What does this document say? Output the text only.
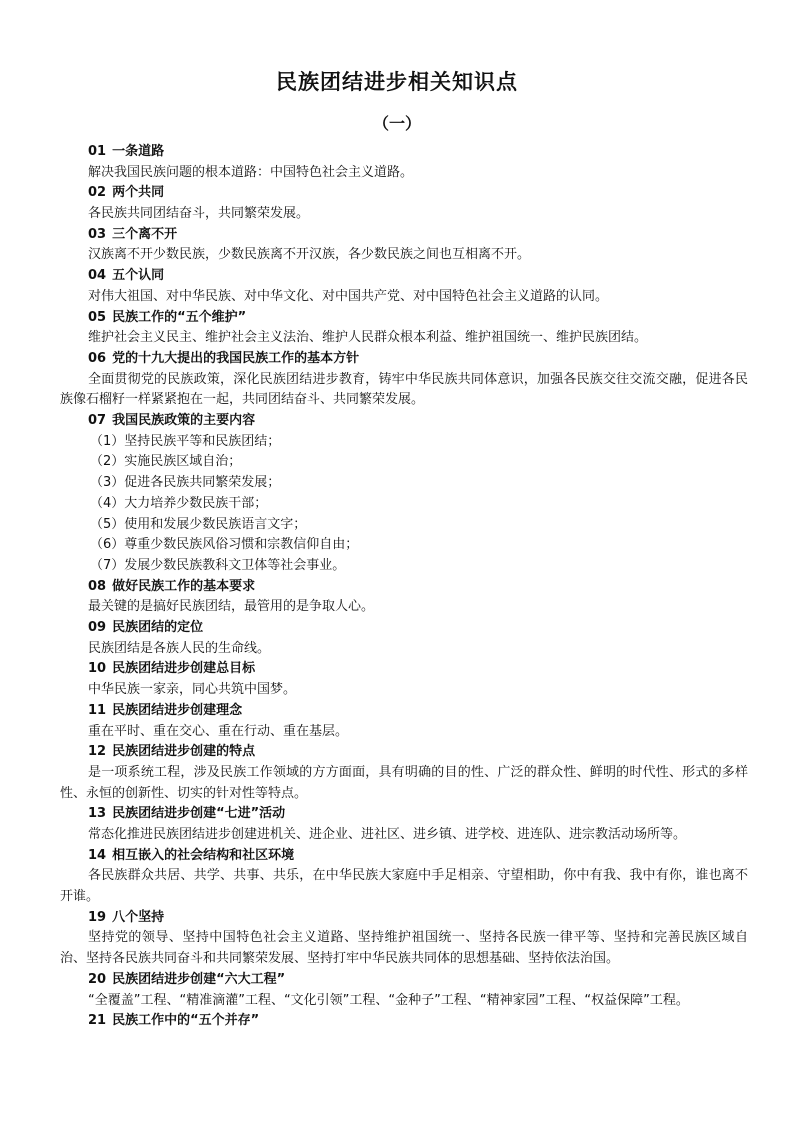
民族团结进步相关知识点
（一）
01 一条道路
解决我国民族问题的根本道路：中国特色社会主义道路。
02 两个共同
各民族共同团结奋斗，共同繁荣发展。
03 三个离不开
汉族离不开少数民族，少数民族离不开汉族，各少数民族之间也互相离不开。
04 五个认同
对伟大祖国、对中华民族、对中华文化、对中国共产党、对中国特色社会主义道路的认同。
05 民族工作的“五个维护”
维护社会主义民主、维护社会主义法治、维护人民群众根本利益、维护祖国统一、维护民族团结。
06 党的十九大提出的我国民族工作的基本方针
全面贯彻党的民族政策，深化民族团结进步教育，铸牢中华民族共同体意识，加强各民族交往交流交融，促进各民族像石榴籽一样紧紧抱在一起，共同团结奋斗、共同繁荣发展。
07 我国民族政策的主要内容
（1）坚持民族平等和民族团结；
（2）实施民族区域自治；
（3）促进各民族共同繁荣发展；
（4）大力培养少数民族干部；
（5）使用和发展少数民族语言文字；
（6）尊重少数民族风俗习惯和宗教信仰自由；
（7）发展少数民族教科文卫体等社会事业。
08 做好民族工作的基本要求
最关键的是搞好民族团结，最管用的是争取人心。
09 民族团结的定位
民族团结是各族人民的生命线。
10 民族团结进步创建总目标
中华民族一家亲，同心共筑中国梦。
11 民族团结进步创建理念
重在平时、重在交心、重在行动、重在基层。
12 民族团结进步创建的特点
是一项系统工程，涉及民族工作领域的方方面面，具有明确的目的性、广泛的群众性、鲜明的时代性、形式的多样性、永恒的创新性、切实的针对性等特点。
13 民族团结进步创建“七进”活动
常态化推进民族团结进步创建进机关、进企业、进社区、进乡镇、进学校、进连队、进宗教活动场所等。
14 相互嵌入的社会结构和社区环境
各民族群众共居、共学、共事、共乐，在中华民族大家庭中手足相亲、守望相助，你中有我、我中有你，谁也离不开谁。
19 八个坚持
坚持党的领导、坚持中国特色社会主义道路、坚持维护祖国统一、坚持各民族一律平等、坚持和完善民族区域自治、坚持各民族共同奋斗和共同繁荣发展、坚持打牢中华民族共同体的思想基础、坚持依法治国。
20 民族团结进步创建“六大工程”
“全覆盖”工程、“精准滴灌”工程、“文化引领”工程、“金种子”工程、“精神家园”工程、“权益保障”工程。
21 民族工作中的“五个并存”
